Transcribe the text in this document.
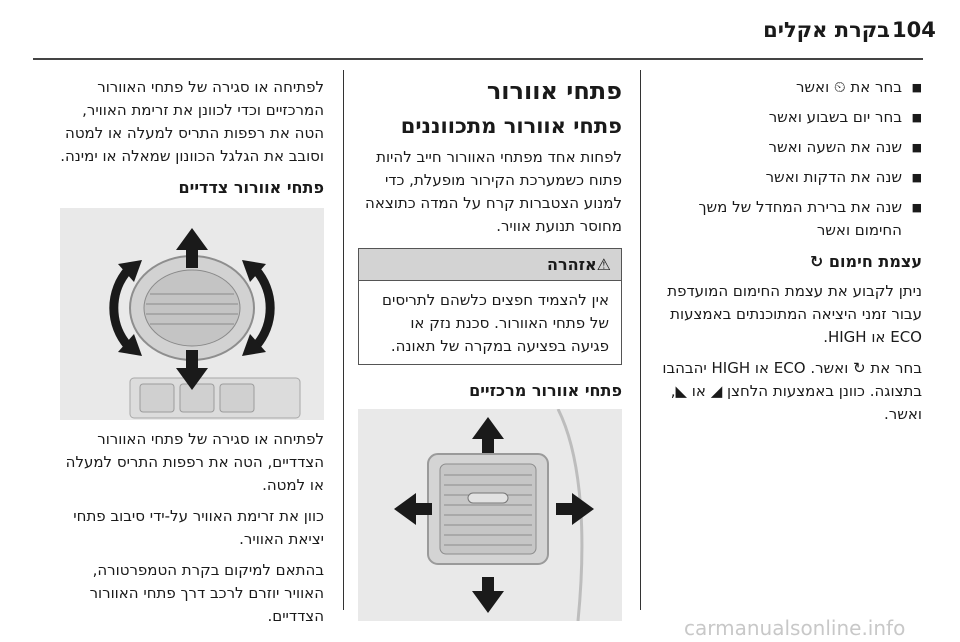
104
בקרת אקלים
■ בחר את ⏲ ואשר
■ בחר יום בשבוע ואשר
■ שנה את השעה ואשר
■ שנה את הדקות ואשר
■ שנה את ברירת המחדל של משך החימום ואשר
עצמת חימום ↻

ניתן לקבוע את עצמת החימום המועדפת עבור זמני היציאה המתוכנתים באמצעות ECO או HIGH.

בחר את ↻ ואשר. ECO או HIGH יהבהבו בתצוגה. כוונן באמצעות הלחצן ◢ או ◣, ואשר.

פתחי אוורור
פתחי אוורור מתכווננים

לפחות אחד מפתחי האוורור חייב להיות פתוח כשמערכת הקירור מופעלת, כדי למנוע הצטברות קרח על המדה כתוצאה מחוסר תנועת אוויר.

⚠אזהרה
אין להצמיד חפצים כלשהם לתריסים של פתחי האוורור. סכנת נזק או פגיעה בפציעה במקרה של תאונה.
פתחי אוורור מרכזיים

לפתיחה או סגירה של פתחי האוורור המרכזיים וכדי לכוונן את זרימת האוויר, הטה את רפפות התריס למעלה או למטה וסובב את הגלגל הכוונון שמאלה או ימינה.

פתחי אוורור צדדיים

לפתיחה או סגירה של פתחי האוורור הצדדיים, הטה את רפפות התריס למעלה או למטה.

כוון את זרימת האוויר על-ידי סיבוב פתחי יציאת האוויר.

בהתאם למיקום בקרת הטמפרטורה, האוויר יוזרם לרכב דרך פתחי האוורור הצדדיים.	carmanualsonline.info
